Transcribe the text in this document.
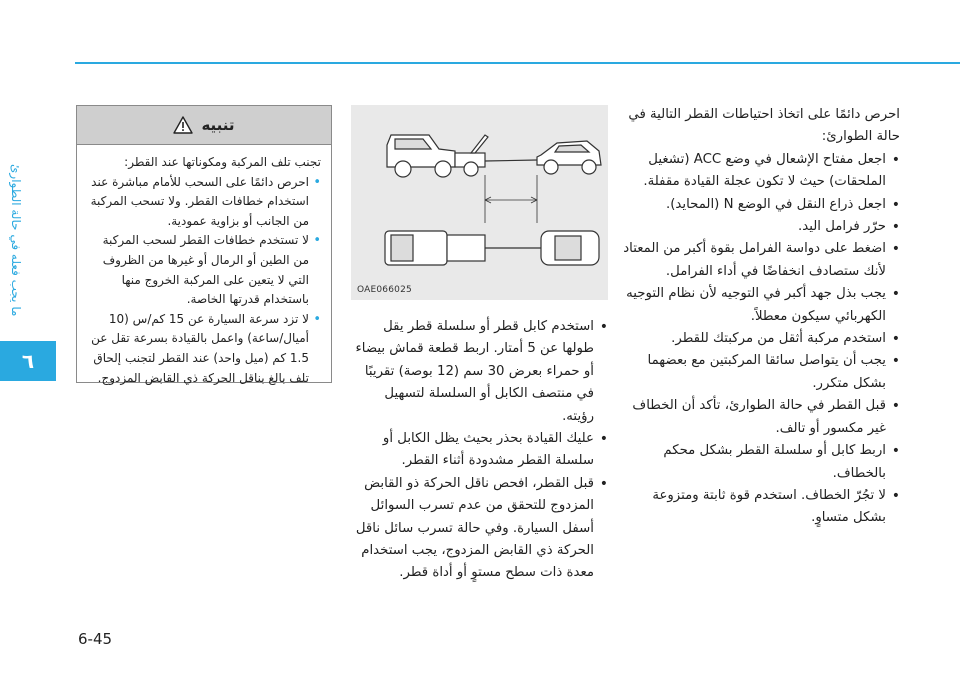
ما يجب فعله في حالة الطوارئ
٦

احرص دائمًا على اتخاذ احتياطات القطر التالية في حالة الطوارئ:

• اجعل مفتاح الإشعال في وضع ACC (تشغيل الملحقات) حيث لا تكون عجلة القيادة مقفلة.
• اجعل ذراع النقل في الوضع N (المحايد).
• حرّر فرامل اليد.
• اضغط على دواسة الفرامل بقوة أكبر من المعتاد لأنك ستصادف انخفاضًا في أداء الفرامل.
• يجب بذل جهد أكبر في التوجيه لأن نظام التوجيه الكهربائي سيكون معطلاً.
• استخدم مركبة أثقل من مركبتك للقطر.
• يجب أن يتواصل سائقا المركبتين مع بعضهما بشكل متكرر.
• قبل القطر في حالة الطوارئ، تأكد أن الخطاف غير مكسور أو تالف.
• اربط كابل أو سلسلة القطر بشكل محكم بالخطاف.
• لا تجُرّ الخطاف. استخدم قوة ثابتة ومتزوعة بشكل متساوٍ.
OAE066025
• استخدم كابل قطر أو سلسلة قطر يقل طولها عن 5 أمتار. اربط قطعة قماش بيضاء أو حمراء بعرض 30 سم (12 بوصة) تقريبًا في منتصف الكابل أو السلسلة لتسهيل رؤيته.
• عليك القيادة بحذر بحيث يظل الكابل أو سلسلة القطر مشدودة أثناء القطر.
• قبل القطر، افحص ناقل الحركة ذو القابض المزدوج للتحقق من عدم تسرب السوائل أسفل السيارة. وفي حالة تسرب سائل ناقل الحركة ذي القابض المزدوج، يجب استخدام معدة ذات سطح مستوٍ أو أداة قطر.
تنبيه

تجنب تلف المركبة ومكوناتها عند القطر:

• احرص دائمًا على السحب للأمام مباشرة عند استخدام خطافات القطر. ولا تسحب المركبة من الجانب أو بزاوية عمودية.
• لا تستخدم خطافات القطر لسحب المركبة من الطين أو الرمال أو غيرها من الظروف التي لا يتعين على المركبة الخروج منها باستخدام قدرتها الخاصة.
• لا تزد سرعة السيارة عن 15 كم/س (10 أميال/ساعة) واعمل بالقيادة بسرعة تقل عن 1.5 كم (ميل واحد) عند القطر لتجنب إلحاق تلف بالغ بناقل الحركة ذي القابض المزدوج.
6-45
